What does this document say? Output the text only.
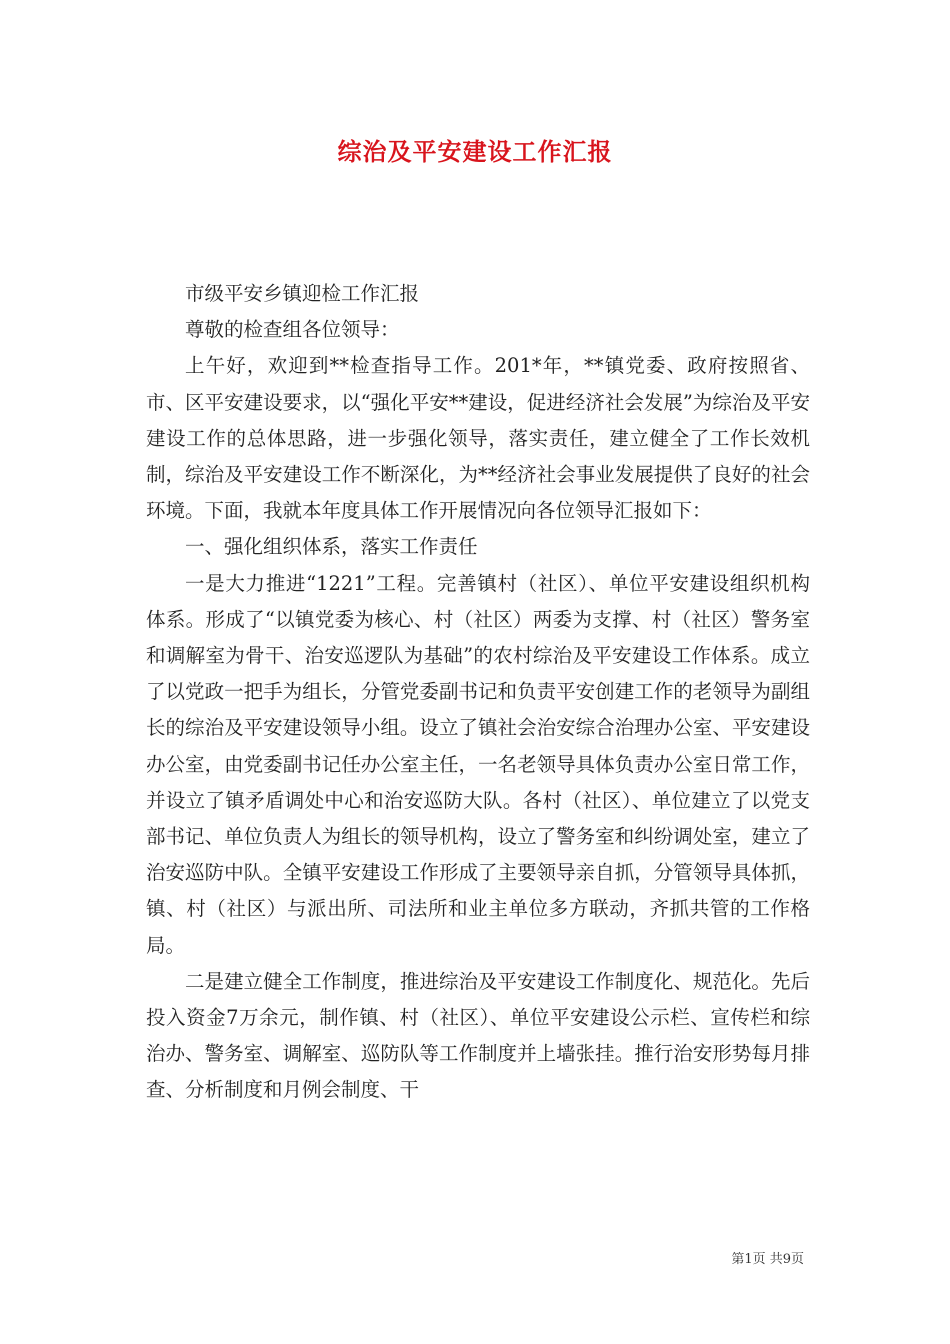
综治及平安建设工作汇报

市级平安乡镇迎检工作汇报

尊敬的检查组各位领导：

上午好，欢迎到**检查指导工作。201*年，**镇党委、政府按照省、市、区平安建设要求，以“强化平安**建设，促进经济社会发展”为综治及平安建设工作的总体思路，进一步强化领导，落实责任，建立健全了工作长效机制，综治及平安建设工作不断深化，为**经济社会事业发展提供了良好的社会环境。下面，我就本年度具体工作开展情况向各位领导汇报如下：

一、强化组织体系，落实工作责任

一是大力推进“1221”工程。完善镇村（社区）、单位平安建设组织机构体系。形成了“以镇党委为核心、村（社区）两委为支撑、村（社区）警务室和调解室为骨干、治安巡逻队为基础”的农村综治及平安建设工作体系。成立了以党政一把手为组长，分管党委副书记和负责平安创建工作的老领导为副组长的综治及平安建设领导小组。设立了镇社会治安综合治理办公室、平安建设办公室，由党委副书记任办公室主任，一名老领导具体负责办公室日常工作，并设立了镇矛盾调处中心和治安巡防大队。各村（社区）、单位建立了以党支部书记、单位负责人为组长的领导机构，设立了警务室和纠纷调处室，建立了治安巡防中队。全镇平安建设工作形成了主要领导亲自抓，分管领导具体抓，镇、村（社区）与派出所、司法所和业主单位多方联动，齐抓共管的工作格局。

二是建立健全工作制度，推进综治及平安建设工作制度化、规范化。先后投入资金7万余元，制作镇、村（社区）、单位平安建设公示栏、宣传栏和综治办、警务室、调解室、巡防队等工作制度并上墙张挂。推行治安形势每月排查、分析制度和月例会制度、干

第1页 共9页
